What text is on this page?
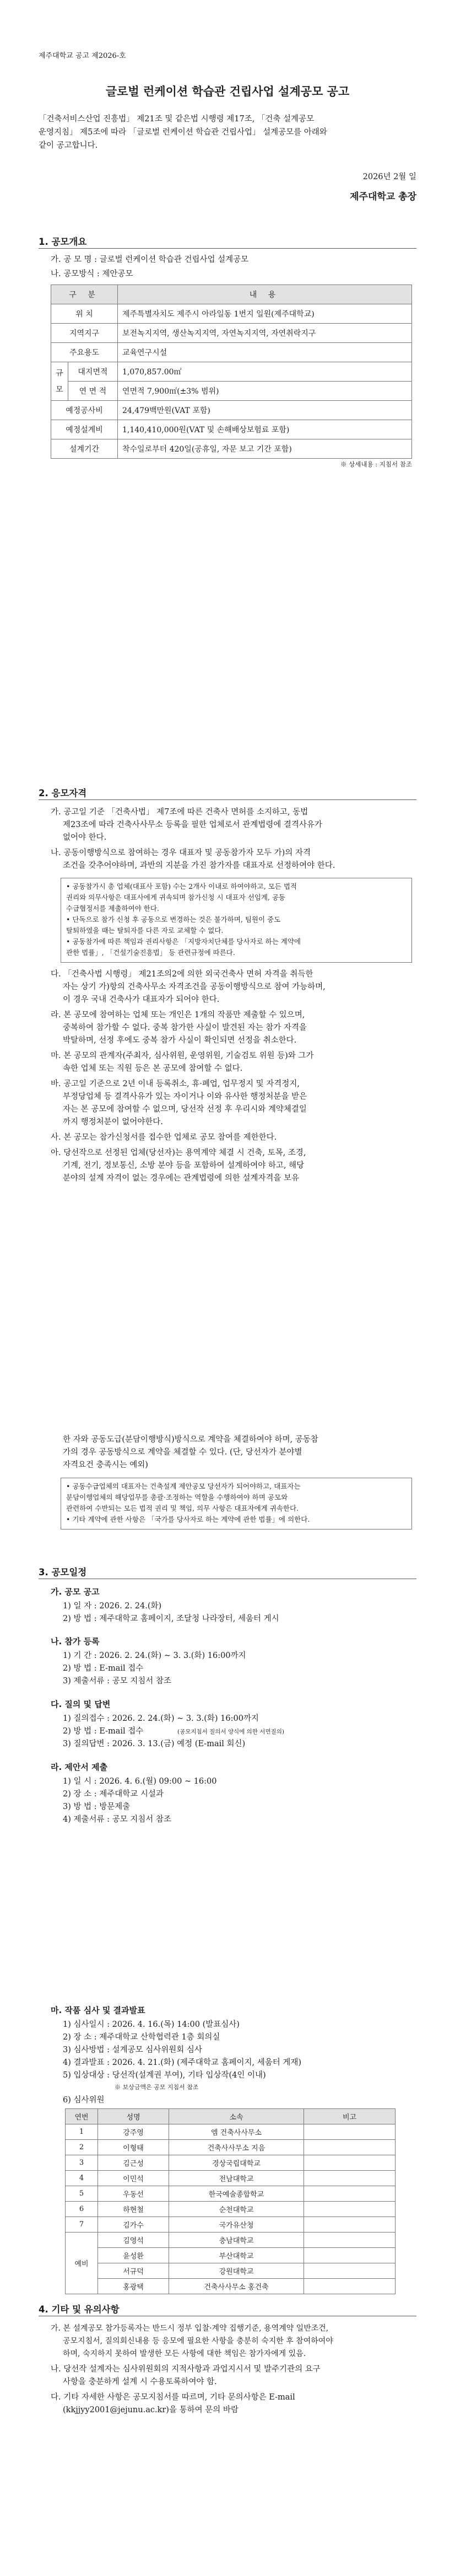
제주대학교 공고 제2026-호
글로벌 런케이션 학습관 건립사업 설계공모 공고
「건축서비스산업 진흥법」 제21조 및 같은법 시행령 제17조, 「건축 설계공모
운영지침」 제5조에 따라 「글로벌 런케이션 학습관 건립사업」 설계공모를 아래와
같이 공고합니다.
2026년 2월 일
제주대학교 총장
1. 공모개요
가. 공 모 명 : 글로벌 런케이션 학습관 건립사업 설계공모
나. 공모방식 : 제안공모
구 분		내 용
위 치		제주특별자치도 제주시 아라일동 1번지 일원(제주대학교)
지역지구		보전녹지지역, 생산녹지지역, 자연녹지지역, 자연취락지구
주요용도		교육연구시설
규
모	대지면적	1,070,857.00㎡
	연 면 적	연면적 7,900㎡(±3% 범위)
예정공사비		24,479백만원(VAT 포함)
예정설계비		1,140,410,000원(VAT 및 손해배상보험료 포함)
설계기간		착수일로부터 420일(공휴일, 자문 보고 기간 포함)
※ 상세내용 : 지침서 참조
2. 응모자격
가. 공고일 기준 「건축사법」 제7조에 따른 건축사 면허를 소지하고, 동법
제23조에 따라 건축사사무소 등록을 필한 업체로서 관계법령에 결격사유가
없어야 한다.
나. 공동이행방식으로 참여하는 경우 대표자 및 공동참가자 모두 가)의 자격
조건을 갖추어야하며, 과반의 지분을 가진 참가자를 대표자로 선정하여야 한다.
• 공동참가시 총 업체(대표사 포함) 수는 2개사 이내로 하여야하고, 모든 법적
권리와 의무사항은 대표사에게 귀속되며 참가신청 시 대표자 선임계, 공동
수급협정서를 제출하여야 한다.
• 단독으로 참가 신청 후 공동으로 변경하는 것은 불가하며, 팀원이 중도
탈퇴하였을 때는 탈퇴자를 다른 자로 교체할 수 없다.
• 공동참가에 따른 책임과 권리사항은 「지방자치단체를 당사자로 하는 계약에
관한 법률」, 「건설기술진흥법」 등 관련규정에 따른다.
다. 「건축사법 시행령」 제21조의2에 의한 외국건축사 면허 자격을 취득한
자는 상기 가)항의 건축사무소 자격조건을 공동이행방식으로 참여 가능하며,
이 경우 국내 건축사가 대표자가 되어야 한다.
라. 본 공모에 참여하는 업체 또는 개인은 1개의 작품만 제출할 수 있으며,
중복하여 참가할 수 없다. 중복 참가한 사실이 발견된 자는 참가 자격을
박탈하며, 선정 후에도 중복 참가 사실이 확인되면 선정을 취소한다.
마. 본 공모의 관계자(주최자, 심사위원, 운영위원, 기술검토 위원 등)와 그가
속한 업체 또는 직원 등은 본 공모에 참여할 수 없다.
바. 공고일 기준으로 2년 이내 등록취소, 휴·폐업, 업무정지 및 자격정지,
부정당업체 등 결격사유가 있는 자이거나 이와 유사한 행정처분을 받은
자는 본 공모에 참여할 수 없으며, 당선작 선정 후 우리시와 계약체결일
까지 행정처분이 없어야한다.
사. 본 공모는 참가신청서를 접수한 업체로 공모 참여를 제한한다.
아. 당선작으로 선정된 업체(당선자)는 용역계약 체결 시 건축, 토목, 조경,
기계, 전기, 정보통신, 소방 분야 등을 포함하여 설계하여야 하고, 해당
분야의 설계 자격이 없는 경우에는 관계법령에 의한 설계자격을 보유
한 자와 공동도급(분담이행방식)방식으로 계약을 체결하여야 하며, 공동참
가의 경우 공동방식으로 계약을 체결할 수 있다. (단, 당선자가 분야별
자격요건 충족시는 예외)
• 공동수급업체의 대표자는 건축설계 제안공모 당선자가 되어야하고, 대표자는
분담이행업체의 해당업무를 총괄·조정하는 역할을 수행하여야 하며 공모와
관련하여 수반되는 모든 법적 권리 및 책임, 의무 사항은 대표자에게 귀속한다.
• 기타 계약에 관한 사항은 「국가를 당사자로 하는 계약에 관한 법률」에 의한다.
3. 공모일정
가. 공모 공고
1) 일 자 : 2026. 2. 24.(화)
2) 방 법 : 제주대학교 홈페이지, 조달청 나라장터, 세움터 게시
나. 참가 등록
1) 기 간 : 2026. 2. 24.(화) ~ 3. 3.(화) 16:00까지
2) 방 법 : E-mail 접수
3) 제출서류 : 공모 지침서 참조
다. 질의 및 답변
1) 질의접수 : 2026. 2. 24.(화) ~ 3. 3.(화) 16:00까지
2) 방 법 : E-mail 접수	(공모지침서 질의서 양식에 의한 서면질의)
3) 질의답변 : 2026. 3. 13.(금) 예정 (E-mail 회신)
라. 제안서 제출
1) 일 시 : 2026. 4. 6.(월) 09:00 ~ 16:00
2) 장 소 : 제주대학교 시설과
3) 방 법 : 방문제출
4) 제출서류 : 공모 지침서 참조
마. 작품 심사 및 결과발표
1) 심사일시 : 2026. 4. 16.(목) 14:00 (발표심사)
2) 장 소 : 제주대학교 산학협력관 1층 회의실
3) 심사방법 : 설계공모 심사위원회 심사
4) 결과발표 : 2026. 4. 21.(화) (제주대학교 홈페이지, 세움터 게재)
5) 입상대상 : 당선작(설계권 부여), 기타 입상작(4인 이내)
※ 보상금액은 공모 지침서 참조
6) 심사위원
연번	성명	소속	비고
1	강주영	엠 건축사사무소	
2	이형태	건축사사무소 지음	
3	김근성	경상국립대학교	
4	이민석	전남대학교	
5	우동선	한국예술종합학교	
6	하현철	순천대학교	
7	김가수	국가유산청	
예비	김영석	충남대학교	
	윤성환	부산대학교	
	서규덕	강원대학교	
	홍광택	건축사사무소 홍건축	
4. 기타 및 유의사항
가. 본 설계공모 참가등록자는 반드시 정부 입찰·계약 집행기준, 용역계약 일반조건,
공모지침서, 질의회신내용 등 응모에 필요한 사항을 충분히 숙지한 후 참여하여야
하며, 숙지하지 못하여 발생한 모든 사항에 대한 책임은 참가자에게 있음.
나. 당선작 설계자는 심사위원회의 지적사항과 과업지시서 및 발주기관의 요구
사항을 충분하게 설계 시 수용토록하여야 함.
다. 기타 자세한 사항은 공모지침서를 따르며, 기타 문의사항은 E-mail
(kkjjyy2001@jejunu.ac.kr)을 통하여 문의 바람
